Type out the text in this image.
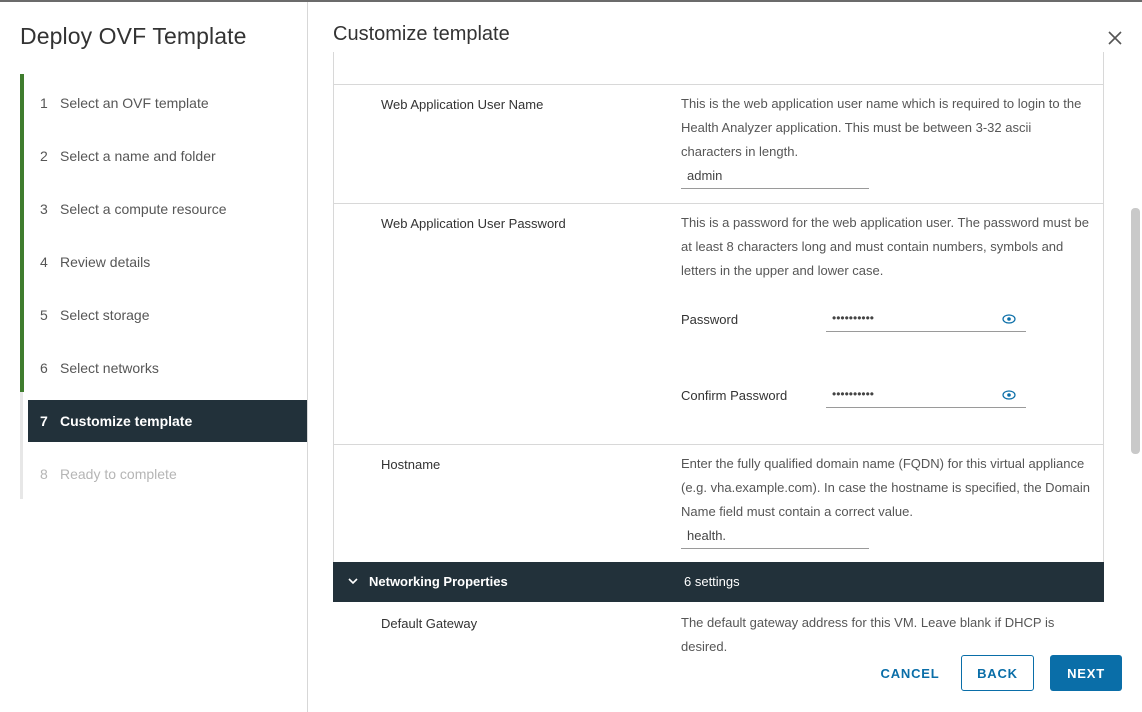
Deploy OVF Template
1 Select an OVF template
2 Select a name and folder
3 Select a compute resource
4 Review details
5 Select storage
6 Select networks
7 Customize template
8 Ready to complete
Customize template
Web Application User Name	This is the web application user name which is required to login to the Health Analyzer application. This must be between 3-32 ascii characters in length.
admin
Web Application User Password	This is a password for the web application user. The password must be at least 8 characters long and must contain numbers, symbols and letters in the upper and lower case.
Password	••••••••••
Confirm Password	••••••••••
Hostname	Enter the fully qualified domain name (FQDN) for this virtual appliance (e.g. vha.example.com). In case the hostname is specified, the Domain Name field must contain a correct value.
health.
Networking Properties	6 settings
Default Gateway	The default gateway address for this VM. Leave blank if DHCP is desired.
CANCEL	BACK	NEXT
